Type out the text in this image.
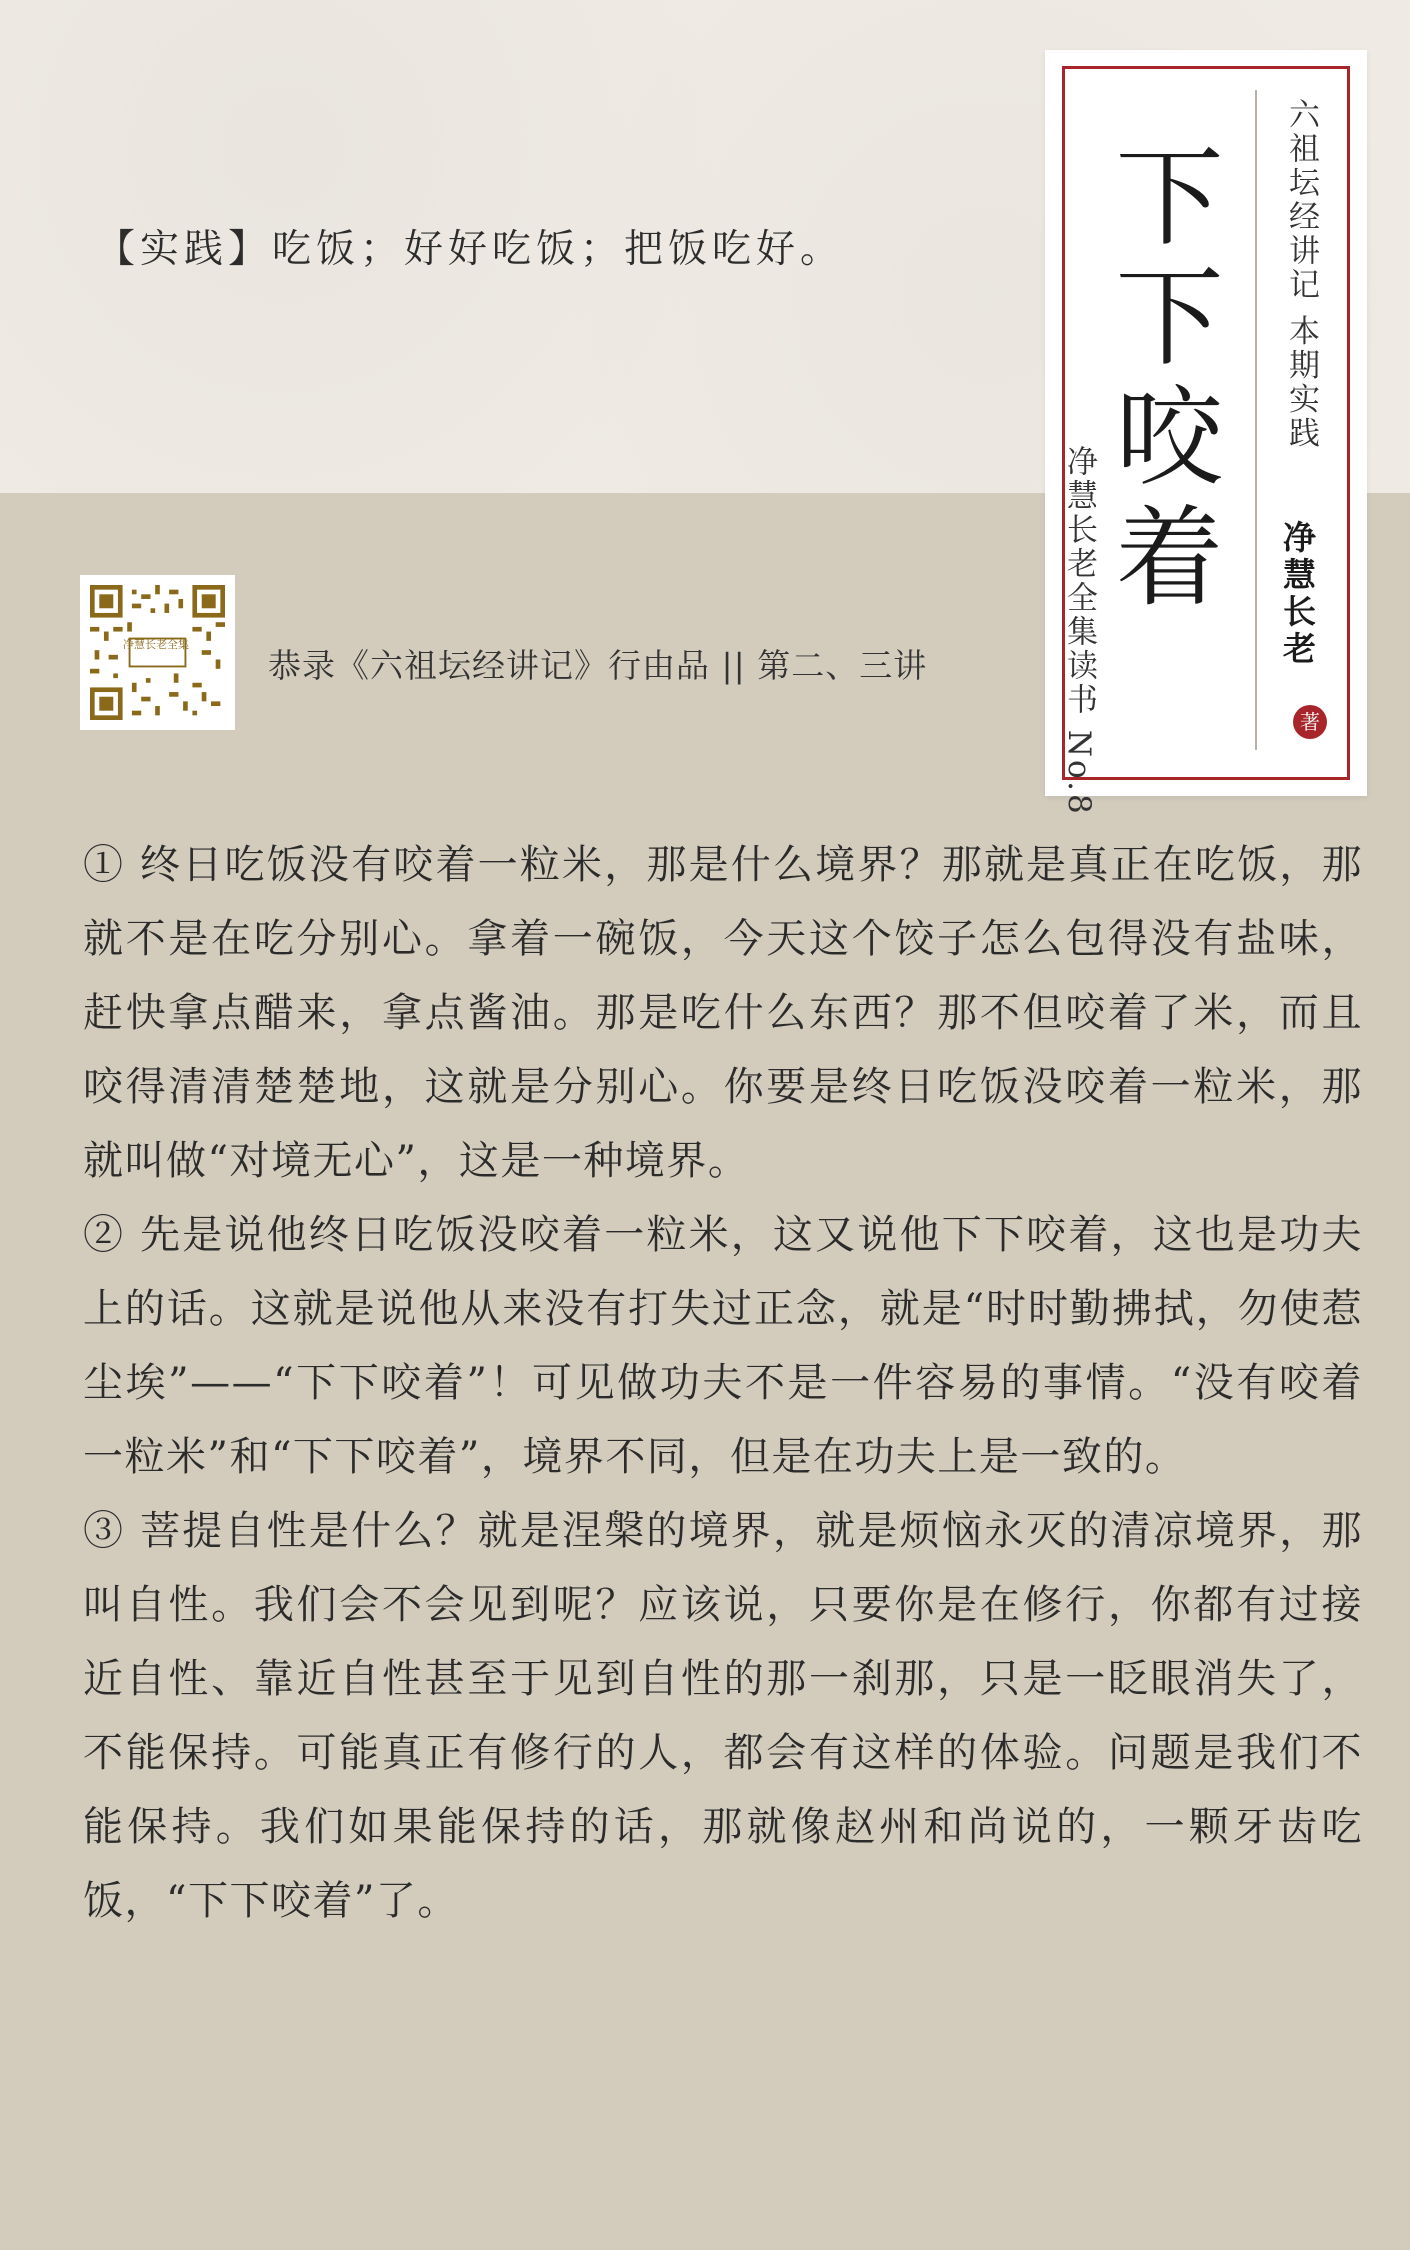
【实践】吃饭；好好吃饭；把饭吃好。
净慧长老全集
恭录《六祖坛经讲记》行由品 || 第二、三讲
下下咬着
净慧长老全集读书 No.8
六祖坛经讲记 本期实践
净慧长老
著

① 终日吃饭没有咬着一粒米，那是什么境界？那就是真正在吃饭，那就不是在吃分别心。拿着一碗饭，今天这个饺子怎么包得没有盐味，赶快拿点醋来，拿点酱油。那是吃什么东西？那不但咬着了米，而且咬得清清楚楚地，这就是分别心。你要是终日吃饭没咬着一粒米，那就叫做“对境无心”，这是一种境界。

② 先是说他终日吃饭没咬着一粒米，这又说他下下咬着，这也是功夫上的话。这就是说他从来没有打失过正念，就是“时时勤拂拭，勿使惹尘埃”——“下下咬着”！可见做功夫不是一件容易的事情。“没有咬着一粒米”和“下下咬着”，境界不同，但是在功夫上是一致的。

③ 菩提自性是什么？就是涅槃的境界，就是烦恼永灭的清凉境界，那叫自性。我们会不会见到呢？应该说，只要你是在修行，你都有过接近自性、靠近自性甚至于见到自性的那一刹那，只是一眨眼消失了，不能保持。可能真正有修行的人，都会有这样的体验。问题是我们不能保持。我们如果能保持的话，那就像赵州和尚说的，一颗牙齿吃饭，“下下咬着”了。
